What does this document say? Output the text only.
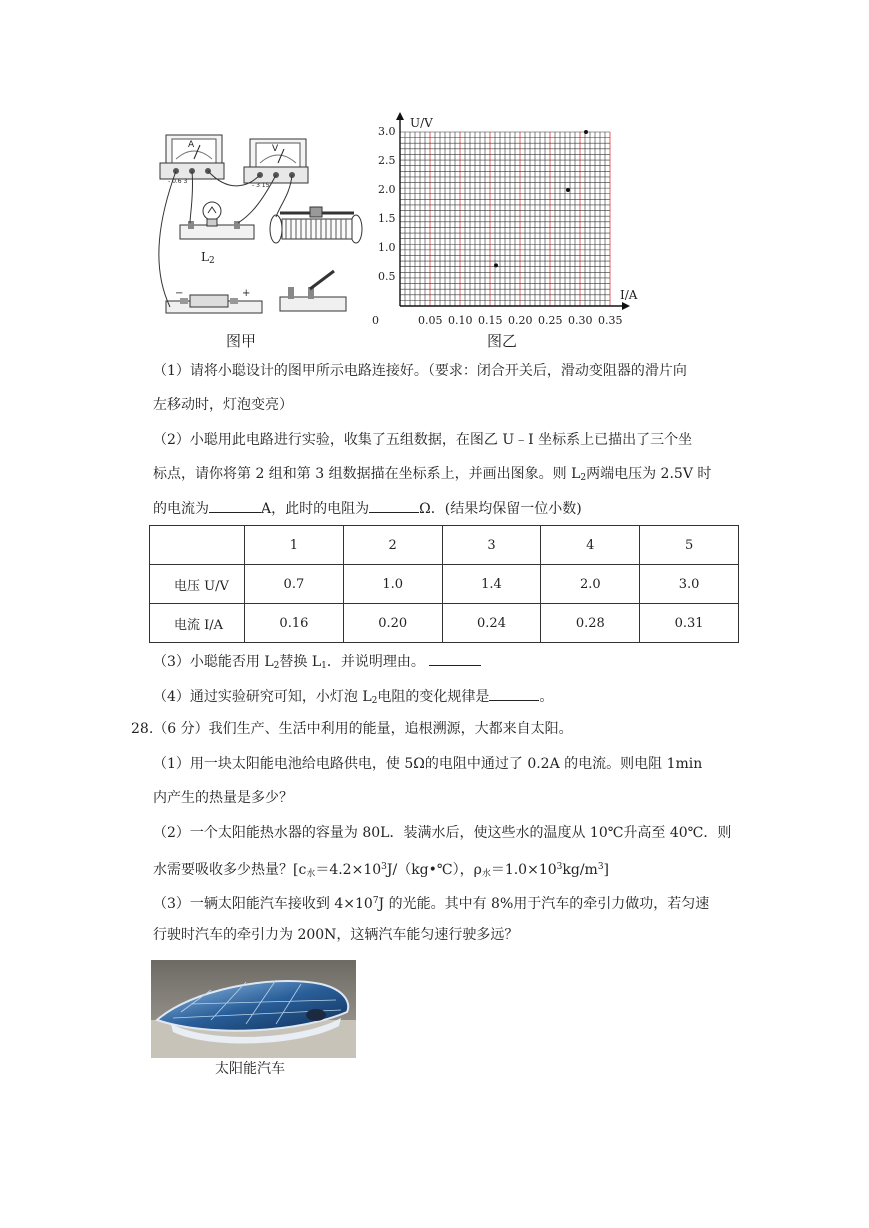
$L_2$
A	V
- 0.6 3
- 3 15
−	+
图甲
U/V
I/A
3.0
2.5
2.0
1.5
1.0
0.5
0	0.05 0.10 0.15 0.20 0.25 0.30 0.35
图乙
（1）请将小聪设计的图甲所示电路连接好。（要求：闭合开关后，滑动变阻器的滑片向
左移动时，灯泡变亮）
（2）小聪用此电路进行实验，收集了五组数据，在图乙 U﹣I 坐标系上已描出了三个坐
标点，请你将第 2 组和第 3 组数据描在坐标系上，并画出图象。则 $L_2$两端电压为 2.5V 时
的电流为	A，此时的电阻为	Ω．(结果均保留一位小数)
	1	2	3	4	5
电压 U/V	0.7	1.0	1.4	2.0	3.0
电流 I/A	0.16	0.20	0.24	0.28	0.31
（3）小聪能否用 $L_2$替换 $L_1$．并说明理由。
（4）通过实验研究可知，小灯泡 $L_2$电阻的变化规律是	。
28.（6 分）我们生产、生活中利用的能量，追根溯源，大都来自太阳。
（1）用一块太阳能电池给电路供电，使 5Ω的电阻中通过了 0.2A 的电流。则电阻 1min
内产生的热量是多少？
（2）一个太阳能热水器的容量为 80L．装满水后，使这些水的温度从 10℃升高至 40℃．则
水需要吸收多少热量？[$c_水=4.2\times 10^3J/(kg•℃)$，$\rho_水=1.0\times 10^3kg/m^3$]
（3）一辆太阳能汽车接收到 $4\times 10^7J$ 的光能。其中有 8%用于汽车的牵引力做功，若匀速
行驶时汽车的牵引力为 200N，这辆汽车能匀速行驶多远？
太阳能汽车
